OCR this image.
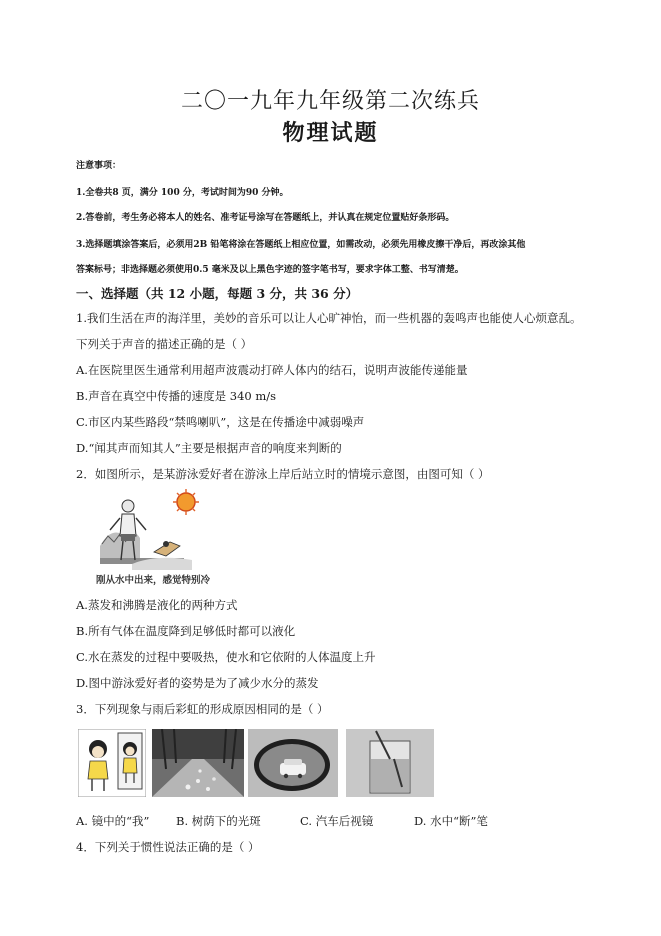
二〇一九年九年级第二次练兵
物理试题
注意事项：
1.全卷共8 页，满分 100 分，考试时间为90 分钟。
2.答卷前，考生务必将本人的姓名、准考证号涂写在答题纸上，并认真在规定位置贴好条形码。
3.选择题填涂答案后，必须用2B 铅笔将涂在答题纸上相应位置，如需改动，必须先用橡皮擦干净后，再改涂其他
答案标号；非选择题必须使用0.5 毫米及以上黑色字迹的签字笔书写，要求字体工整、书写清楚。
一、选择题（共 12 小题，每题 3 分，共 36 分）
1.我们生活在声的海洋里，美妙的音乐可以让人心旷神怡，而一些机器的轰鸣声也能使人心烦意乱。
下列关于声音的描述正确的是（ ）
A.在医院里医生通常利用超声波震动打碎人体内的结石，说明声波能传递能量
B.声音在真空中传播的速度是 340 m/s
C.市区内某些路段“禁鸣喇叭”，这是在传播途中减弱噪声
D.“闻其声而知其人”主要是根据声音的响度来判断的
2．如图所示，是某游泳爱好者在游泳上岸后站立时的情境示意图，由图可知（ ）
刚从水中出来，感觉特别冷
A.蒸发和沸腾是液化的两种方式
B.所有气体在温度降到足够低时都可以液化
C.水在蒸发的过程中要吸热，使水和它依附的人体温度上升
D.图中游泳爱好者的姿势是为了减少水分的蒸发
3．下列现象与雨后彩虹的形成原因相同的是（ ）
A. 镜中的“我” B. 树荫下的光斑	C. 汽车后视镜	D. 水中“断”笔
4．下列关于惯性说法正确的是（ ）
